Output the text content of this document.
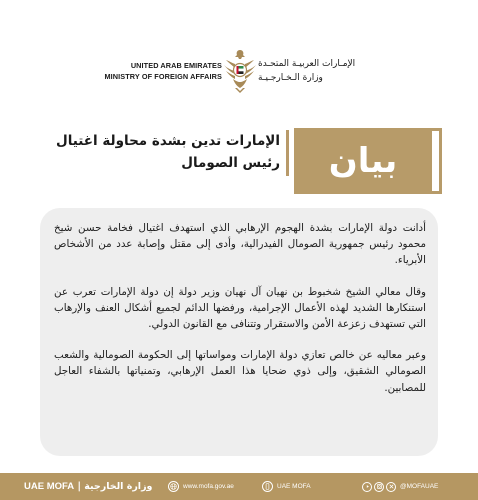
UNITED ARAB EMIRATES
MINISTRY OF FOREIGN AFFAIRS
الإمـارات العربيـة المتحـدة
وزارة الـخـارجـيـة
الإمارات تدين بشدة محاولة اغتيال
رئيس الصومال	بيان

أدانت دولة الإمارات بشدة الهجوم الإرهابي الذي استهدف اغتيال فخامة حسن شيخ محمود رئيس جمهورية الصومال الفيدرالية، وأدى إلى مقتل وإصابة عدد من الأشخاص الأبرياء.

وقال معالي الشيخ شخبوط بن نهيان آل نهيان وزير دولة إن دولة الإمارات تعرب عن استنكارها الشديد لهذه الأعمال الإجرامية، ورفضها الدائم لجميع أشكال العنف والإرهاب التي تستهدف زعزعة الأمن والاستقرار وتتنافى مع القانون الدولي.

وعبر معاليه عن خالص تعازي دولة الإمارات ومواساتها إلى الحكومة الصومالية والشعب الصومالي الشقيق، وإلى ذوي ضحايا هذا العمل الإرهابي، وتمنياتها بالشفاء العاجل للمصابين.

UAE MOFA | وزارة الخارجية	www.mofa.gov.ae	UAE MOFA	@MOFAUAE
